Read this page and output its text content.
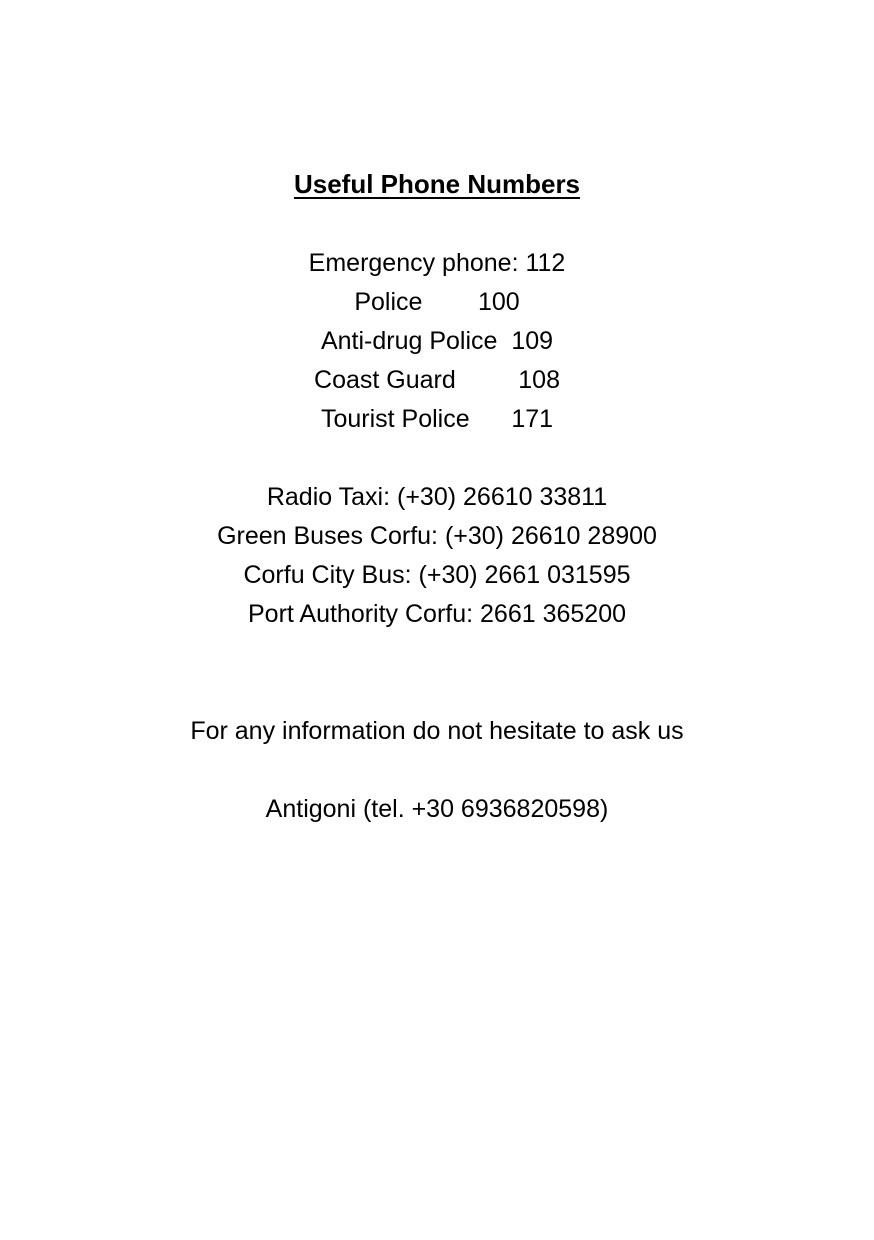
Useful Phone Numbers
Emergency phone: 112
Police        100
Anti-drug Police  109
Coast Guard         108
Tourist Police      171
Radio Taxi: (+30) 26610 33811
Green Buses Corfu: (+30) 26610 28900
Corfu City Bus: (+30) 2661 031595
Port Authority Corfu: 2661 365200
For any information do not hesitate to ask us
Antigoni (tel. +30 6936820598)
